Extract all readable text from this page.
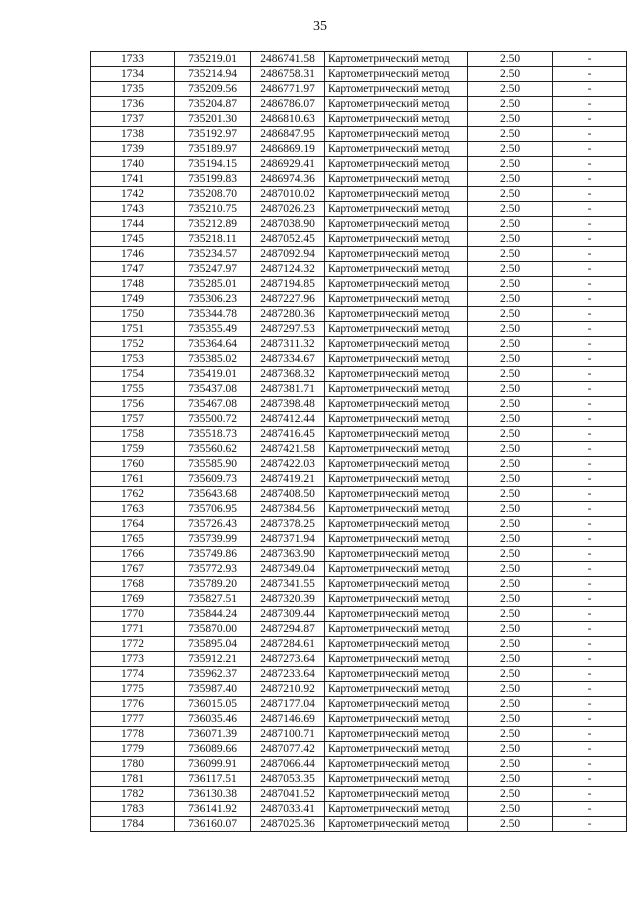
35
1733	735219.01	2486741.58	Картометрический метод	2.50	-
1734	735214.94	2486758.31	Картометрический метод	2.50	-
1735	735209.56	2486771.97	Картометрический метод	2.50	-
1736	735204.87	2486786.07	Картометрический метод	2.50	-
1737	735201.30	2486810.63	Картометрический метод	2.50	-
1738	735192.97	2486847.95	Картометрический метод	2.50	-
1739	735189.97	2486869.19	Картометрический метод	2.50	-
1740	735194.15	2486929.41	Картометрический метод	2.50	-
1741	735199.83	2486974.36	Картометрический метод	2.50	-
1742	735208.70	2487010.02	Картометрический метод	2.50	-
1743	735210.75	2487026.23	Картометрический метод	2.50	-
1744	735212.89	2487038.90	Картометрический метод	2.50	-
1745	735218.11	2487052.45	Картометрический метод	2.50	-
1746	735234.57	2487092.94	Картометрический метод	2.50	-
1747	735247.97	2487124.32	Картометрический метод	2.50	-
1748	735285.01	2487194.85	Картометрический метод	2.50	-
1749	735306.23	2487227.96	Картометрический метод	2.50	-
1750	735344.78	2487280.36	Картометрический метод	2.50	-
1751	735355.49	2487297.53	Картометрический метод	2.50	-
1752	735364.64	2487311.32	Картометрический метод	2.50	-
1753	735385.02	2487334.67	Картометрический метод	2.50	-
1754	735419.01	2487368.32	Картометрический метод	2.50	-
1755	735437.08	2487381.71	Картометрический метод	2.50	-
1756	735467.08	2487398.48	Картометрический метод	2.50	-
1757	735500.72	2487412.44	Картометрический метод	2.50	-
1758	735518.73	2487416.45	Картометрический метод	2.50	-
1759	735560.62	2487421.58	Картометрический метод	2.50	-
1760	735585.90	2487422.03	Картометрический метод	2.50	-
1761	735609.73	2487419.21	Картометрический метод	2.50	-
1762	735643.68	2487408.50	Картометрический метод	2.50	-
1763	735706.95	2487384.56	Картометрический метод	2.50	-
1764	735726.43	2487378.25	Картометрический метод	2.50	-
1765	735739.99	2487371.94	Картометрический метод	2.50	-
1766	735749.86	2487363.90	Картометрический метод	2.50	-
1767	735772.93	2487349.04	Картометрический метод	2.50	-
1768	735789.20	2487341.55	Картометрический метод	2.50	-
1769	735827.51	2487320.39	Картометрический метод	2.50	-
1770	735844.24	2487309.44	Картометрический метод	2.50	-
1771	735870.00	2487294.87	Картометрический метод	2.50	-
1772	735895.04	2487284.61	Картометрический метод	2.50	-
1773	735912.21	2487273.64	Картометрический метод	2.50	-
1774	735962.37	2487233.64	Картометрический метод	2.50	-
1775	735987.40	2487210.92	Картометрический метод	2.50	-
1776	736015.05	2487177.04	Картометрический метод	2.50	-
1777	736035.46	2487146.69	Картометрический метод	2.50	-
1778	736071.39	2487100.71	Картометрический метод	2.50	-
1779	736089.66	2487077.42	Картометрический метод	2.50	-
1780	736099.91	2487066.44	Картометрический метод	2.50	-
1781	736117.51	2487053.35	Картометрический метод	2.50	-
1782	736130.38	2487041.52	Картометрический метод	2.50	-
1783	736141.92	2487033.41	Картометрический метод	2.50	-
1784	736160.07	2487025.36	Картометрический метод	2.50	-
